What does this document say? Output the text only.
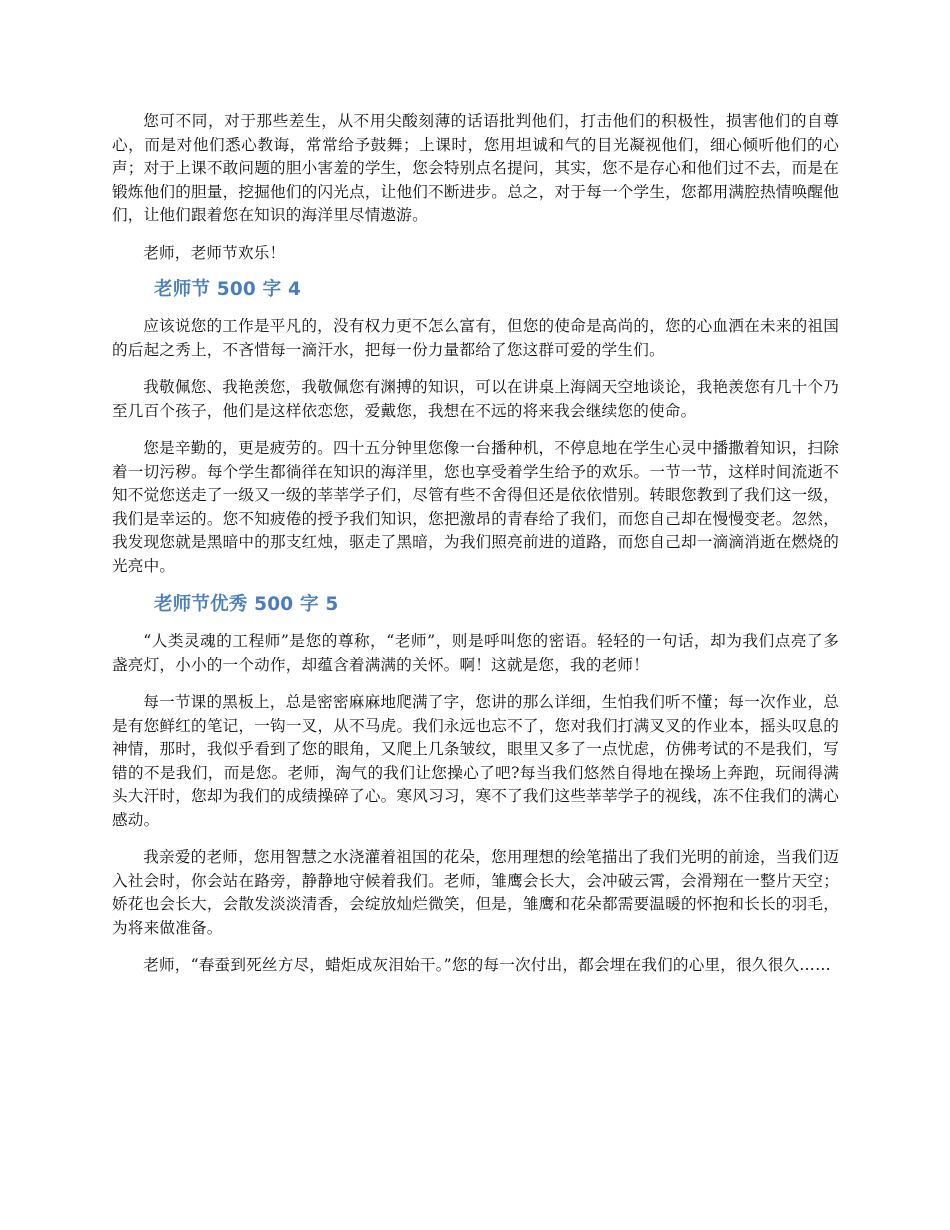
您可不同，对于那些差生，从不用尖酸刻薄的话语批判他们，打击他们的积极性，损害他们的自尊心，而是对他们悉心教诲，常常给予鼓舞；上课时，您用坦诚和气的目光凝视他们，细心倾听他们的心声；对于上课不敢问题的胆小害羞的学生，您会特别点名提问，其实，您不是存心和他们过不去，而是在锻炼他们的胆量，挖掘他们的闪光点，让他们不断进步。总之，对于每一个学生，您都用满腔热情唤醒他们，让他们跟着您在知识的海洋里尽情遨游。

老师，老师节欢乐！

老师节 500 字 4

应该说您的工作是平凡的，没有权力更不怎么富有，但您的使命是高尚的，您的心血洒在未来的祖国的后起之秀上，不吝惜每一滴汗水，把每一份力量都给了您这群可爱的学生们。

我敬佩您、我艳羡您，我敬佩您有渊搏的知识，可以在讲桌上海阔天空地谈论，我艳羡您有几十个乃至几百个孩子，他们是这样依恋您，爱戴您，我想在不远的将来我会继续您的使命。

您是辛勤的，更是疲劳的。四十五分钟里您像一台播种机，不停息地在学生心灵中播撒着知识，扫除着一切污秽。每个学生都徜徉在知识的海洋里，您也享受着学生给予的欢乐。一节一节，这样时间流逝不知不觉您送走了一级又一级的莘莘学子们，尽管有些不舍得但还是依依惜别。转眼您教到了我们这一级，我们是幸运的。您不知疲倦的授予我们知识，您把激昂的青春给了我们，而您自己却在慢慢变老。忽然，我发现您就是黑暗中的那支红烛，驱走了黑暗，为我们照亮前进的道路，而您自己却一滴滴消逝在燃烧的光亮中。

老师节优秀 500 字 5

“人类灵魂的工程师”是您的尊称，“老师”，则是呼叫您的密语。轻轻的一句话，却为我们点亮了多盏亮灯，小小的一个动作，却蕴含着满满的关怀。啊！这就是您，我的老师！

每一节课的黑板上，总是密密麻麻地爬满了字，您讲的那么详细，生怕我们听不懂；每一次作业，总是有您鲜红的笔记，一钩一叉，从不马虎。我们永远也忘不了，您对我们打满叉叉的作业本，摇头叹息的神情，那时，我似乎看到了您的眼角，又爬上几条皱纹，眼里又多了一点忧虑，仿佛考试的不是我们，写错的不是我们，而是您。老师，淘气的我们让您操心了吧?每当我们悠然自得地在操场上奔跑，玩闹得满头大汗时，您却为我们的成绩操碎了心。寒风习习，寒不了我们这些莘莘学子的视线，冻不住我们的满心感动。

我亲爱的老师，您用智慧之水浇灌着祖国的花朵，您用理想的绘笔描出了我们光明的前途，当我们迈入社会时，你会站在路旁，静静地守候着我们。老师，雏鹰会长大，会冲破云霄，会滑翔在一整片天空；娇花也会长大，会散发淡淡清香，会绽放灿烂微笑，但是，雏鹰和花朵都需要温暖的怀抱和长长的羽毛，为将来做准备。

老师，“春蚕到死丝方尽，蜡炬成灰泪始干。”您的每一次付出，都会埋在我们的心里，很久很久……
